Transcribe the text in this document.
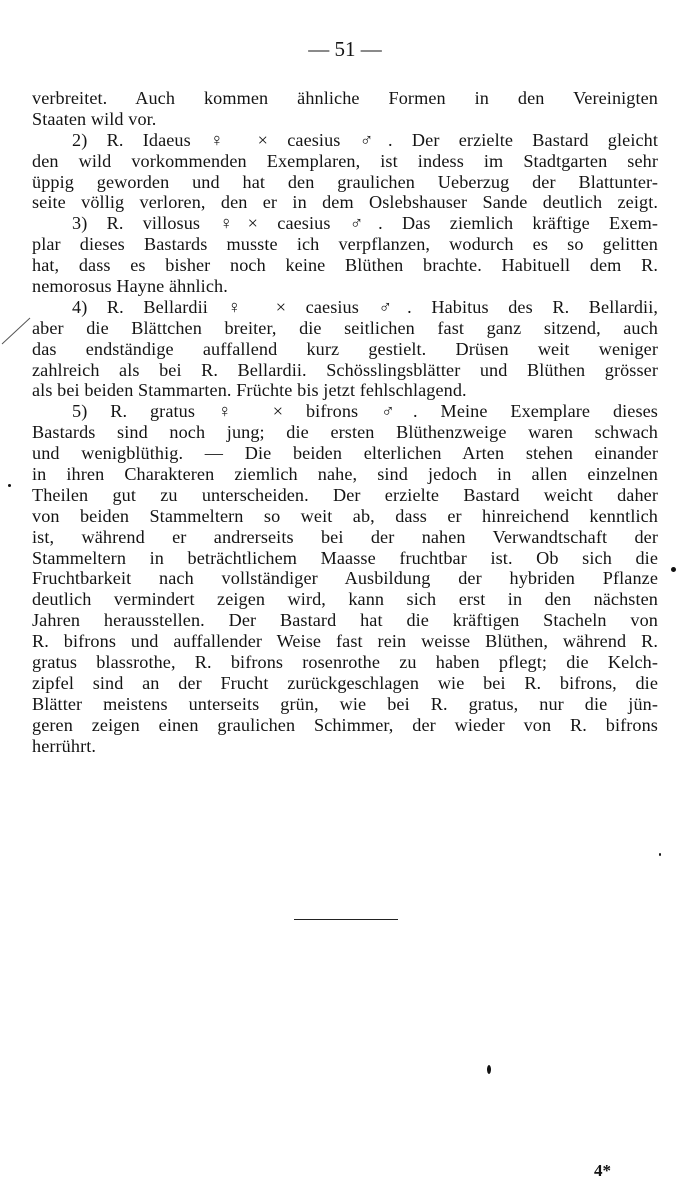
— 51 —
verbreitet. Auch kommen ähnliche Formen in den Vereinigten
Staaten wild vor.
2) R. Idaeus ♀ × caesius ♂. Der erzielte Bastard gleicht
den wild vorkommenden Exemplaren, ist indess im Stadtgarten sehr
üppig geworden und hat den graulichen Ueberzug der Blattunter-
seite völlig verloren, den er in dem Oslebshauser Sande deutlich zeigt.
3) R. villosus ♀× caesius ♂. Das ziemlich kräftige Exem-
plar dieses Bastards musste ich verpflanzen, wodurch es so gelitten
hat, dass es bisher noch keine Blüthen brachte. Habituell dem R.
nemorosus Hayne ähnlich.
4) R. Bellardii ♀ × caesius ♂. Habitus des R. Bellardii,
aber die Blättchen breiter, die seitlichen fast ganz sitzend, auch
das endständige auffallend kurz gestielt. Drüsen weit weniger
zahlreich als bei R. Bellardii. Schösslingsblätter und Blüthen grösser
als bei beiden Stammarten. Früchte bis jetzt fehlschlagend.
5) R. gratus ♀ × bifrons ♂. Meine Exemplare dieses
Bastards sind noch jung; die ersten Blüthenzweige waren schwach
und wenigblüthig. — Die beiden elterlichen Arten stehen einander
in ihren Charakteren ziemlich nahe, sind jedoch in allen einzelnen
Theilen gut zu unterscheiden. Der erzielte Bastard weicht daher
von beiden Stammeltern so weit ab, dass er hinreichend kenntlich
ist, während er andrerseits bei der nahen Verwandtschaft der
Stammeltern in beträchtlichem Maasse fruchtbar ist. Ob sich die
Fruchtbarkeit nach vollständiger Ausbildung der hybriden Pflanze
deutlich vermindert zeigen wird, kann sich erst in den nächsten
Jahren herausstellen. Der Bastard hat die kräftigen Stacheln von
R. bifrons und auffallender Weise fast rein weisse Blüthen, während R.
gratus blassrothe, R. bifrons rosenrothe zu haben pflegt; die Kelch-
zipfel sind an der Frucht zurückgeschlagen wie bei R. bifrons, die
Blätter meistens unterseits grün, wie bei R. gratus, nur die jün-
geren zeigen einen graulichen Schimmer, der wieder von R. bifrons
herrührt.
4*
